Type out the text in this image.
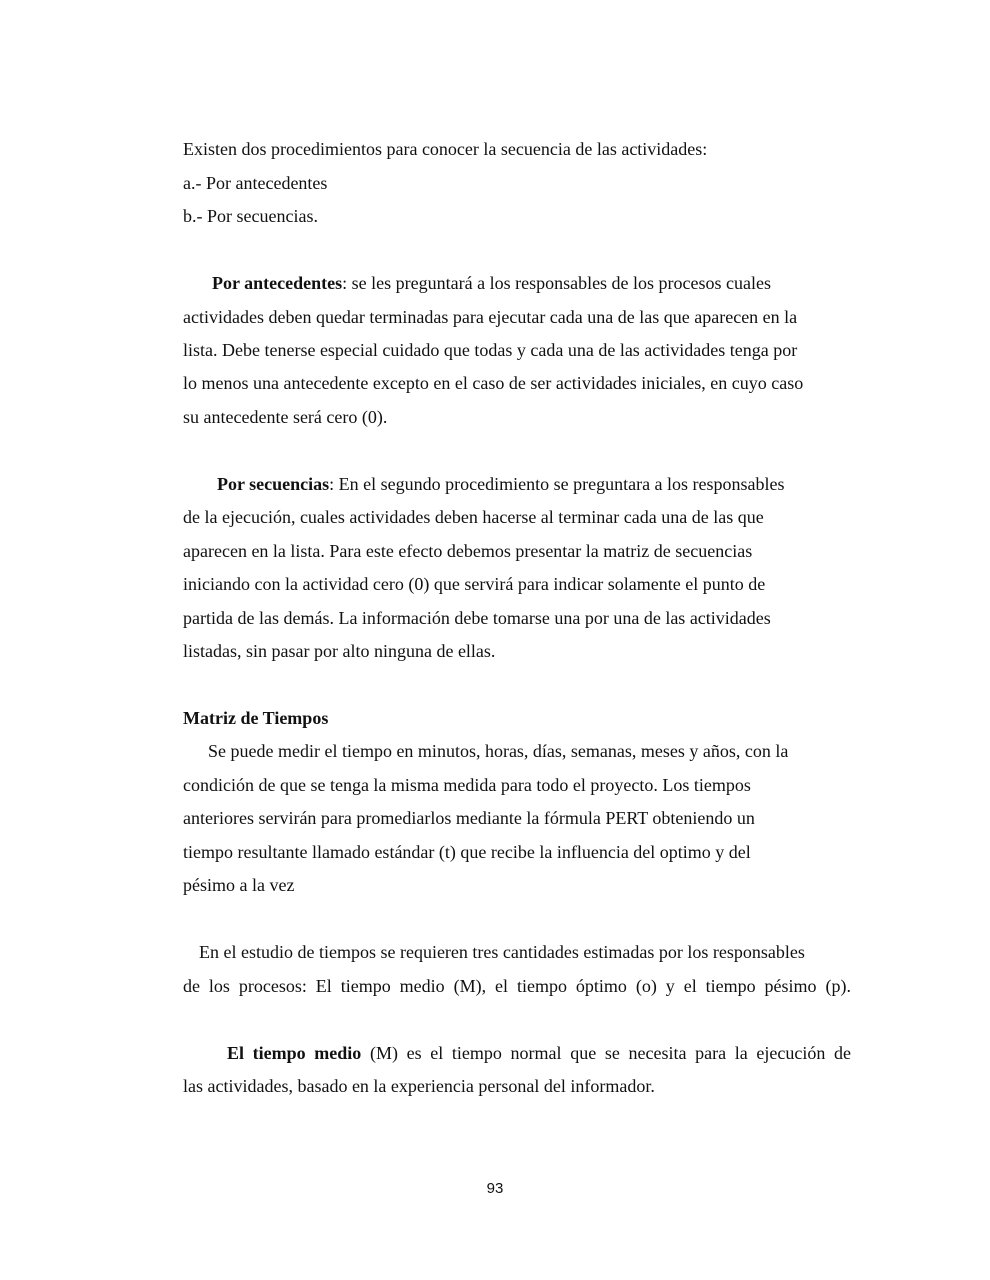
Existen dos procedimientos para conocer la secuencia de las actividades:
a.- Por antecedentes
b.- Por secuencias.
Por antecedentes: se les preguntará a los responsables de los procesos cuales
actividades deben quedar terminadas para ejecutar cada una de las que aparecen en la
lista. Debe tenerse especial cuidado que todas y cada una de las actividades tenga por
lo menos una antecedente excepto en el caso de ser actividades iniciales, en cuyo caso
su antecedente será cero (0).
Por secuencias: En el segundo procedimiento se preguntara a los responsables
de la ejecución, cuales actividades deben hacerse al terminar cada una de las que
aparecen en la lista. Para este efecto debemos presentar la matriz de secuencias
iniciando con la actividad cero (0) que servirá para indicar solamente el punto de
partida de las demás. La información debe tomarse una por una de las actividades
listadas, sin pasar por alto ninguna de ellas.
Matriz de Tiempos
Se puede medir el tiempo en minutos, horas, días, semanas, meses y años, con la
condición de que se tenga la misma medida para todo el proyecto. Los tiempos
anteriores servirán para promediarlos mediante la fórmula PERT obteniendo un
tiempo resultante llamado estándar (t) que recibe la influencia del optimo y del
pésimo a la vez
En el estudio de tiempos se requieren tres cantidades estimadas por los responsables
de los procesos: El tiempo medio (M), el tiempo óptimo (o) y el tiempo pésimo (p).
El tiempo medio (M) es el tiempo normal que se necesita para la ejecución de
las actividades, basado en la experiencia personal del informador.
93
